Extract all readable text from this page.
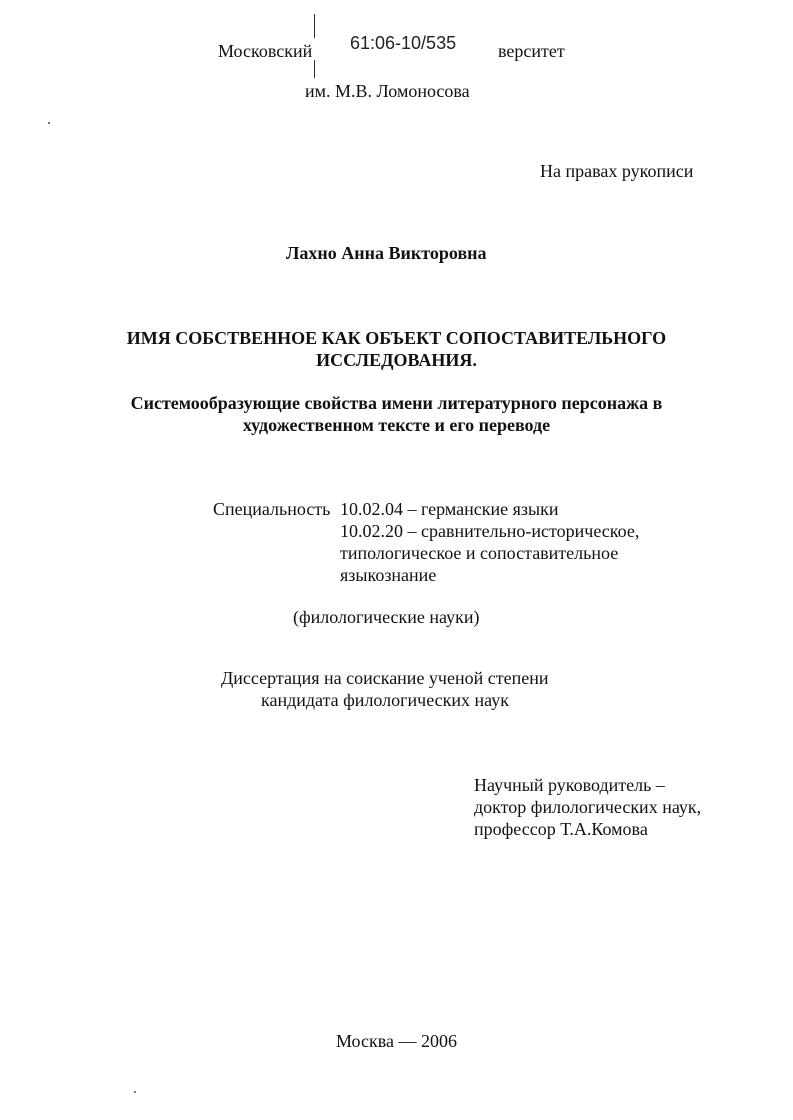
Московский 61:06-10/535 верситет
им. М.В. Ломоносова
На правах рукописи
Лахно Анна Викторовна
ИМЯ СОБСТВЕННОЕ КАК ОБЪЕКТ СОПОСТАВИТЕЛЬНОГО
ИССЛЕДОВАНИЯ.
Системообразующие свойства имени литературного персонажа в
художественном тексте и его переводе
Специальность 10.02.04 – германские языки
10.02.20 – сравнительно-историческое,
типологическое и сопоставительное
языкознание
(филологические науки)
Диссертация на соискание ученой степени
кандидата филологических наук
Научный руководитель –
доктор филологических наук,
профессор Т.А.Комова
Москва — 2006
